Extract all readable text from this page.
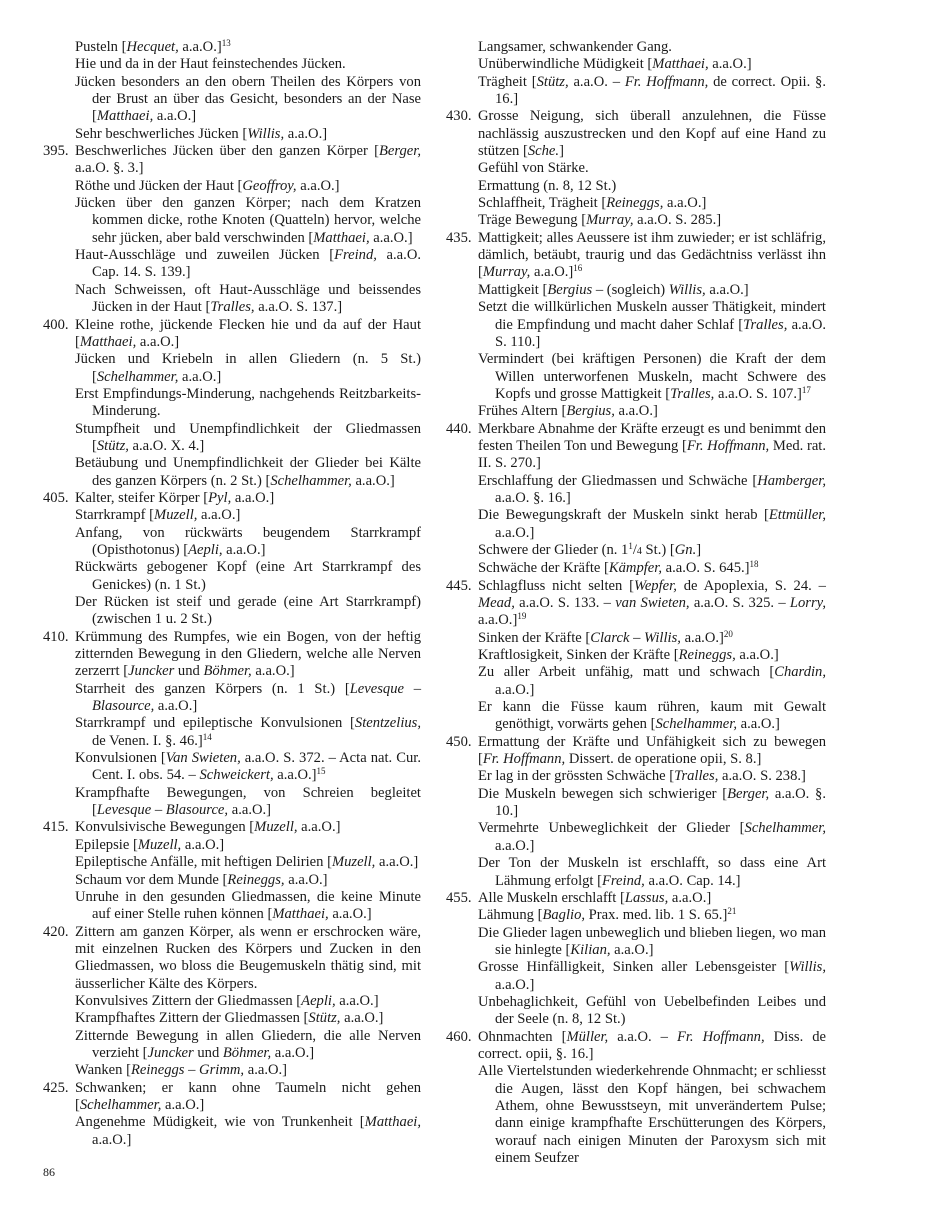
Pusteln [Hecquet, a.a.O.]$^{13}$
Hie und da in der Haut feinstechendes Jücken.
Jücken besonders an den obern Theilen des Körpers von der Brust an über das Gesicht, besonders an der Nase [Matthaei, a.a.O.]
Sehr beschwerliches Jücken [Willis, a.a.O.]
395. Beschwerliches Jücken über den ganzen Körper [Berger, a.a.O. §. 3.]
Röthe und Jücken der Haut [Geoffroy, a.a.O.]
Jücken über den ganzen Körper; nach dem Kratzen kommen dicke, rothe Knoten (Quatteln) hervor, welche sehr jücken, aber bald verschwinden [Matthaei, a.a.O.]
Haut-Ausschläge und zuweilen Jücken [Freind, a.a.O. Cap. 14. S. 139.]
Nach Schweissen, oft Haut-Ausschläge und beissendes Jücken in der Haut [Tralles, a.a.O. S. 137.]
400. Kleine rothe, jückende Flecken hie und da auf der Haut [Matthaei, a.a.O.]
Jücken und Kriebeln in allen Gliedern (n. 5 St.) [Schelhammer, a.a.O.]
Erst Empfindungs-Minderung, nachgehends Reitzbarkeits-Minderung.
Stumpfheit und Unempfindlichkeit der Gliedmassen [Stütz, a.a.O. X. 4.]
Betäubung und Unempfindlichkeit der Glieder bei Kälte des ganzen Körpers (n. 2 St.) [Schelhammer, a.a.O.]
405. Kalter, steifer Körper [Pyl, a.a.O.]
Starrkrampf [Muzell, a.a.O.]
Anfang, von rückwärts beugendem Starrkrampf (Opisthotonus) [Aepli, a.a.O.]
Rückwärts gebogener Kopf (eine Art Starrkrampf des Genickes) (n. 1 St.)
Der Rücken ist steif und gerade (eine Art Starrkrampf) (zwischen 1 u. 2 St.)
410. Krümmung des Rumpfes, wie ein Bogen, von der heftig zitternden Bewegung in den Gliedern, welche alle Nerven zerzerrt [Juncker und Böhmer, a.a.O.]
Starrheit des ganzen Körpers (n. 1 St.) [Levesque – Blasource, a.a.O.]
Starrkrampf und epileptische Konvulsionen [Stentzelius, de Venen. I. §. 46.]$^{14}$
Konvulsionen [Van Swieten, a.a.O. S. 372. – Acta nat. Cur. Cent. I. obs. 54. – Schweickert, a.a.O.]$^{15}$
Krampfhafte Bewegungen, von Schreien begleitet [Levesque – Blasource, a.a.O.]
415. Konvulsivische Bewegungen [Muzell, a.a.O.]
Epilepsie [Muzell, a.a.O.]
Epileptische Anfälle, mit heftigen Delirien [Muzell, a.a.O.]
Schaum vor dem Munde [Reineggs, a.a.O.]
Unruhe in den gesunden Gliedmassen, die keine Minute auf einer Stelle ruhen können [Matthaei, a.a.O.]
420. Zittern am ganzen Körper, als wenn er erschrocken wäre, mit einzelnen Rucken des Körpers und Zucken in den Gliedmassen, wo bloss die Beugemuskeln thätig sind, mit äusserlicher Kälte des Körpers.
Konvulsives Zittern der Gliedmassen [Aepli, a.a.O.]
Krampfhaftes Zittern der Gliedmassen [Stütz, a.a.O.]
Zitternde Bewegung in allen Gliedern, die alle Nerven verzieht [Juncker und Böhmer, a.a.O.]
Wanken [Reineggs – Grimm, a.a.O.]
425. Schwanken; er kann ohne Taumeln nicht gehen [Schelhammer, a.a.O.]
Angenehme Müdigkeit, wie von Trunkenheit [Matthaei, a.a.O.]
Langsamer, schwankender Gang.
Unüberwindliche Müdigkeit [Matthaei, a.a.O.]
Trägheit [Stütz, a.a.O. – Fr. Hoffmann, de correct. Opii. §. 16.]
430. Grosse Neigung, sich überall anzulehnen, die Füsse nachlässig auszustrecken und den Kopf auf eine Hand zu stützen [Sche.]
Gefühl von Stärke.
Ermattung (n. 8, 12 St.)
Schlaffheit, Trägheit [Reineggs, a.a.O.]
Träge Bewegung [Murray, a.a.O. S. 285.]
435. Mattigkeit; alles Aeussere ist ihm zuwieder; er ist schläfrig, dämlich, betäubt, traurig und das Gedächtniss verlässt ihn [Murray, a.a.O.]$^{16}$
Mattigkeit [Bergius – (sogleich) Willis, a.a.O.]
Setzt die willkürlichen Muskeln ausser Thätigkeit, mindert die Empfindung und macht daher Schlaf [Tralles, a.a.O. S. 110.]
Vermindert (bei kräftigen Personen) die Kraft der dem Willen unterworfenen Muskeln, macht Schwere des Kopfs und grosse Mattigkeit [Tralles, a.a.O. S. 107.]$^{17}$
Frühes Altern [Bergius, a.a.O.]
440. Merkbare Abnahme der Kräfte erzeugt es und benimmt den festen Theilen Ton und Bewegung [Fr. Hoffmann, Med. rat. II. S. 270.]
Erschlaffung der Gliedmassen und Schwäche [Hamberger, a.a.O. §. 16.]
Die Bewegungskraft der Muskeln sinkt herab [Ettmüller, a.a.O.]
Schwere der Glieder (n. $1^1/4$ St.) [Gn.]
Schwäche der Kräfte [Kämpfer, a.a.O. S. 645.]$^{18}$
445. Schlagfluss nicht selten [Wepfer, de Apoplexia, S. 24. – Mead, a.a.O. S. 133. – van Swieten, a.a.O. S. 325. – Lorry, a.a.O.]$^{19}$
Sinken der Kräfte [Clarck – Willis, a.a.O.]$^{20}$
Kraftlosigkeit, Sinken der Kräfte [Reineggs, a.a.O.]
Zu aller Arbeit unfähig, matt und schwach [Chardin, a.a.O.]
Er kann die Füsse kaum rühren, kaum mit Gewalt genöthigt, vorwärts gehen [Schelhammer, a.a.O.]
450. Ermattung der Kräfte und Unfähigkeit sich zu bewegen [Fr. Hoffmann, Dissert. de operatione opii, S. 8.]
Er lag in der grössten Schwäche [Tralles, a.a.O. S. 238.]
Die Muskeln bewegen sich schwieriger [Berger, a.a.O. §. 10.]
Vermehrte Unbeweglichkeit der Glieder [Schelhammer, a.a.O.]
Der Ton der Muskeln ist erschlafft, so dass eine Art Lähmung erfolgt [Freind, a.a.O. Cap. 14.]
455. Alle Muskeln erschlafft [Lassus, a.a.O.]
Lähmung [Baglio, Prax. med. lib. 1 S. 65.]$^{21}$
Die Glieder lagen unbeweglich und blieben liegen, wo man sie hinlegte [Kilian, a.a.O.]
Grosse Hinfälligkeit, Sinken aller Lebensgeister [Willis, a.a.O.]
Unbehaglichkeit, Gefühl von Uebelbefinden Leibes und der Seele (n. 8, 12 St.)
460. Ohnmachten [Müller, a.a.O. – Fr. Hoffmann, Diss. de correct. opii, §. 16.]
Alle Viertelstunden wiederkehrende Ohnmacht; er schliesst die Augen, lässt den Kopf hängen, bei schwachem Athem, ohne Bewusstseyn, mit unverändertem Pulse; dann einige krampfhafte Erschütterungen des Körpers, worauf nach einigen Minuten der Paroxysm sich mit einem Seufzer
86
